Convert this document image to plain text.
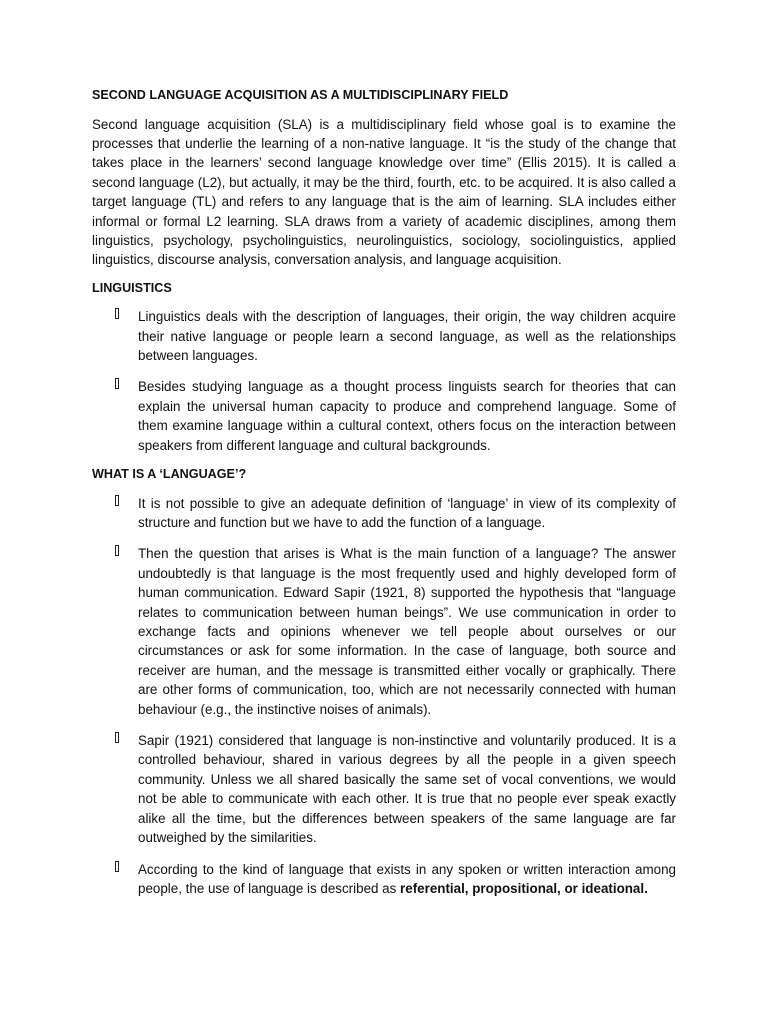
SECOND LANGUAGE ACQUISITION AS A MULTIDISCIPLINARY FIELD

Second language acquisition (SLA) is a multidisciplinary field whose goal is to examine the processes that underlie the learning of a non-native language. It “is the study of the change that takes place in the learners’ second language knowledge over time” (Ellis 2015). It is called a second language (L2), but actually, it may be the third, fourth, etc. to be acquired. It is also called a target language (TL) and refers to any language that is the aim of learning. SLA includes either informal or formal L2 learning. SLA draws from a variety of academic disciplines, among them linguistics, psychology, psycholinguistics, neurolinguistics, sociology, sociolinguistics, applied linguistics, discourse analysis, conversation analysis, and language acquisition.

LINGUISTICS
Linguistics deals with the description of languages, their origin, the way children acquire their native language or people learn a second language, as well as the relationships between languages.
Besides studying language as a thought process linguists search for theories that can explain the universal human capacity to produce and comprehend language. Some of them examine language within a cultural context, others focus on the interaction between speakers from different language and cultural backgrounds.
WHAT IS A ‘LANGUAGE’?
It is not possible to give an adequate definition of ‘language’ in view of its complexity of structure and function but we have to add the function of a language.
Then the question that arises is What is the main function of a language? The answer undoubtedly is that language is the most frequently used and highly developed form of human communication. Edward Sapir (1921, 8) supported the hypothesis that “language relates to communication between human beings”. We use communication in order to exchange facts and opinions whenever we tell people about ourselves or our circumstances or ask for some information. In the case of language, both source and receiver are human, and the message is transmitted either vocally or graphically. There are other forms of communication, too, which are not necessarily connected with human behaviour (e.g., the instinctive noises of animals).
Sapir (1921) considered that language is non-instinctive and voluntarily produced. It is a controlled behaviour, shared in various degrees by all the people in a given speech community. Unless we all shared basically the same set of vocal conventions, we would not be able to communicate with each other. It is true that no people ever speak exactly alike all the time, but the differences between speakers of the same language are far outweighed by the similarities.
According to the kind of language that exists in any spoken or written interaction among people, the use of language is described as referential, propositional, or ideational.
